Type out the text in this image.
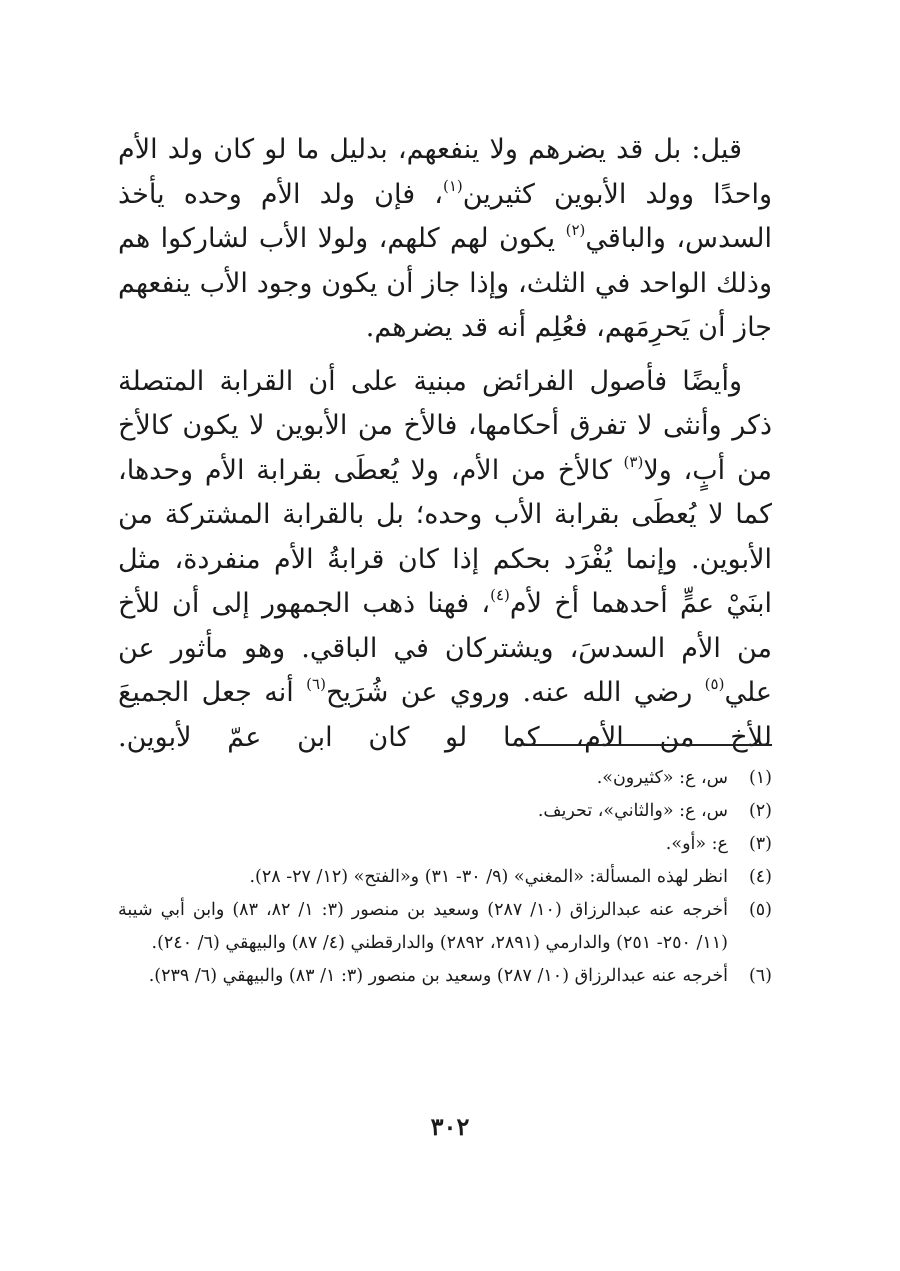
قيل: بل قد يضرهم ولا ينفعهم، بدليل ما لو كان ولد الأم واحدًا وولد الأبوين كثيرين$^{(١)}$، فإن ولد الأم وحده يأخذ السدس، والباقي$^{(٢)}$ يكون لهم كلهم، ولولا الأب لشاركوا هم وذلك الواحد في الثلث، وإذا جاز أن يكون وجود الأب ينفعهم جاز أن يَحرِمَهم، فعُلِم أنه قد يضرهم.

وأيضًا فأصول الفرائض مبنية على أن القرابة المتصلة ذكر وأنثى لا تفرق أحكامها، فالأخ من الأبوين لا يكون كالأخ من أبٍ، ولا$^{(٣)}$ كالأخ من الأم، ولا يُعطَى بقرابة الأم وحدها، كما لا يُعطَى بقرابة الأب وحده؛ بل بالقرابة المشتركة من الأبوين. وإنما يُفْرَد بحكم إذا كان قرابةُ الأم منفردة، مثل ابنَيْ عمٍّ أحدهما أخ لأم$^{(٤)}$، فهنا ذهب الجمهور إلى أن للأخ من الأم السدسَ، ويشتركان في الباقي. وهو مأثور عن علي$^{(٥)}$ رضي الله عنه. وروي عن شُرَيح$^{(٦)}$ أنه جعل الجميعَ للأخ من الأم، كما لو كان ابن عمّ لأبوين.

(١)
س، ع: «كثيرون».
(٢)
س، ع: «والثاني»، تحريف.
(٣)
ع: «أو».
(٤)
انظر لهذه المسألة: «المغني» (٩/ ٣٠- ٣١) و«الفتح» (١٢/ ٢٧- ٢٨).
(٥)
أخرجه عنه عبدالرزاق (١٠/ ٢٨٧) وسعيد بن منصور (٣: ١/ ٨٢، ٨٣) وابن أبي شيبة (١١/ ٢٥٠- ٢٥١) والدارمي (٢٨٩١، ٢٨٩٢) والدارقطني (٤/ ٨٧) والبيهقي (٦/ ٢٤٠).
(٦)
أخرجه عنه عبدالرزاق (١٠/ ٢٨٧) وسعيد بن منصور (٣: ١/ ٨٣) والبيهقي (٦/ ٢٣٩).
٣٠٢
